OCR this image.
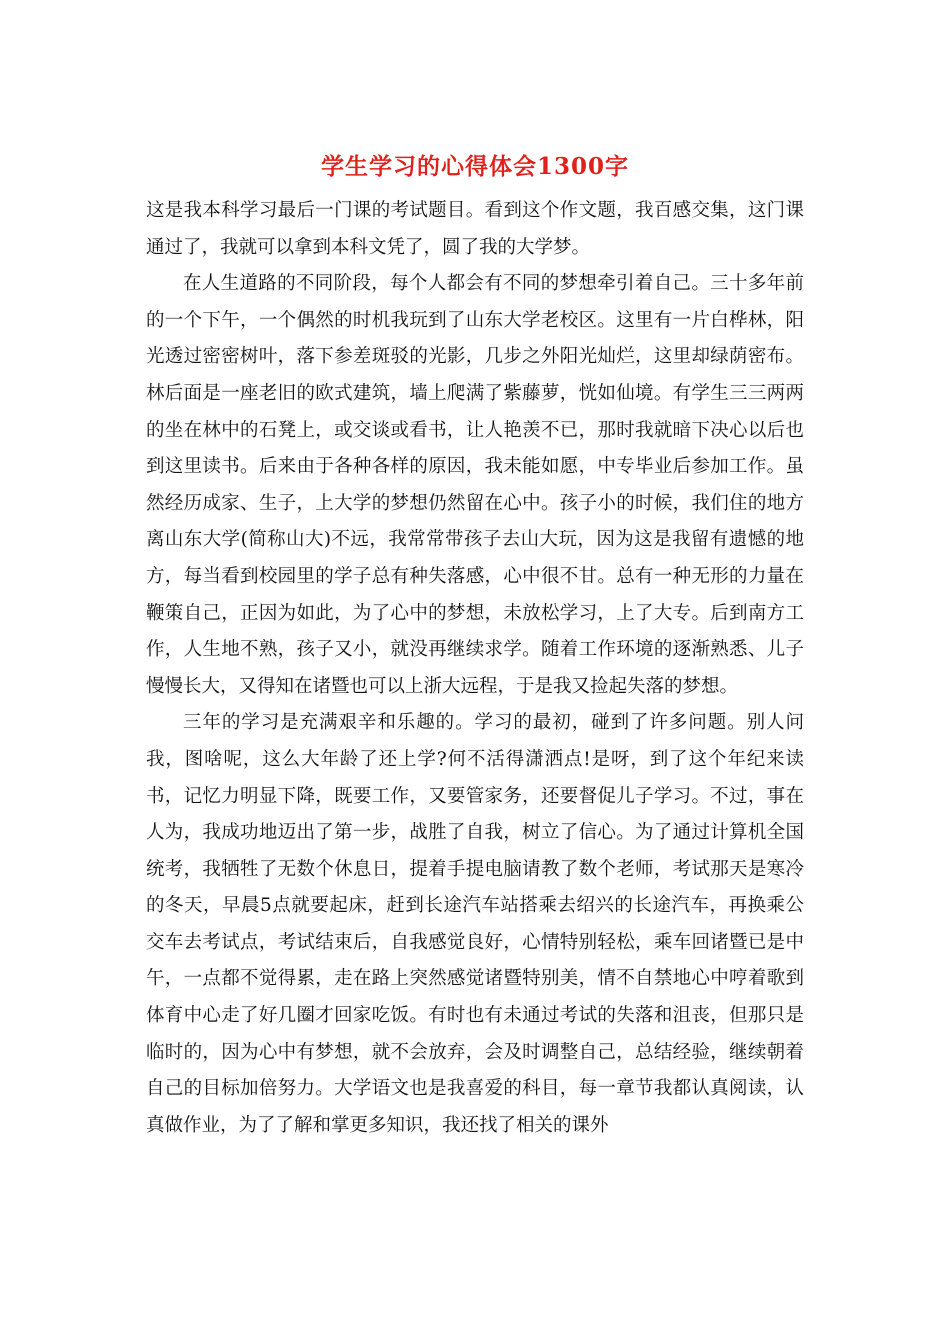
学生学习的心得体会1300字

这是我本科学习最后一门课的考试题目。看到这个作文题，我百感交集，这门课通过了，我就可以拿到本科文凭了，圆了我的大学梦。

在人生道路的不同阶段，每个人都会有不同的梦想牵引着自己。三十多年前的一个下午，一个偶然的时机我玩到了山东大学老校区。这里有一片白桦林，阳光透过密密树叶，落下参差斑驳的光影，几步之外阳光灿烂，这里却绿荫密布。林后面是一座老旧的欧式建筑，墙上爬满了紫藤萝，恍如仙境。有学生三三两两的坐在林中的石凳上，或交谈或看书，让人艳羡不已，那时我就暗下决心以后也到这里读书。后来由于各种各样的原因，我未能如愿，中专毕业后参加工作。虽然经历成家、生子，上大学的梦想仍然留在心中。孩子小的时候，我们住的地方离山东大学(简称山大)不远，我常常带孩子去山大玩，因为这是我留有遗憾的地方，每当看到校园里的学子总有种失落感，心中很不甘。总有一种无形的力量在鞭策自己，正因为如此，为了心中的梦想，未放松学习，上了大专。后到南方工作，人生地不熟，孩子又小，就没再继续求学。随着工作环境的逐渐熟悉、儿子慢慢长大，又得知在诸暨也可以上浙大远程，于是我又捡起失落的梦想。

三年的学习是充满艰辛和乐趣的。学习的最初，碰到了许多问题。别人问我，图啥呢，这么大年龄了还上学?何不活得潇洒点!是呀，到了这个年纪来读书，记忆力明显下降，既要工作，又要管家务，还要督促儿子学习。不过，事在人为，我成功地迈出了第一步，战胜了自我，树立了信心。为了通过计算机全国统考，我牺牲了无数个休息日，提着手提电脑请教了数个老师，考试那天是寒冷的冬天，早晨5点就要起床，赶到长途汽车站搭乘去绍兴的长途汽车，再换乘公交车去考试点，考试结束后，自我感觉良好，心情特别轻松，乘车回诸暨已是中午，一点都不觉得累，走在路上突然感觉诸暨特别美，情不自禁地心中哼着歌到体育中心走了好几圈才回家吃饭。有时也有未通过考试的失落和沮丧，但那只是临时的，因为心中有梦想，就不会放弃，会及时调整自己，总结经验，继续朝着自己的目标加倍努力。大学语文也是我喜爱的科目，每一章节我都认真阅读，认真做作业，为了了解和掌更多知识，我还找了相关的课外
